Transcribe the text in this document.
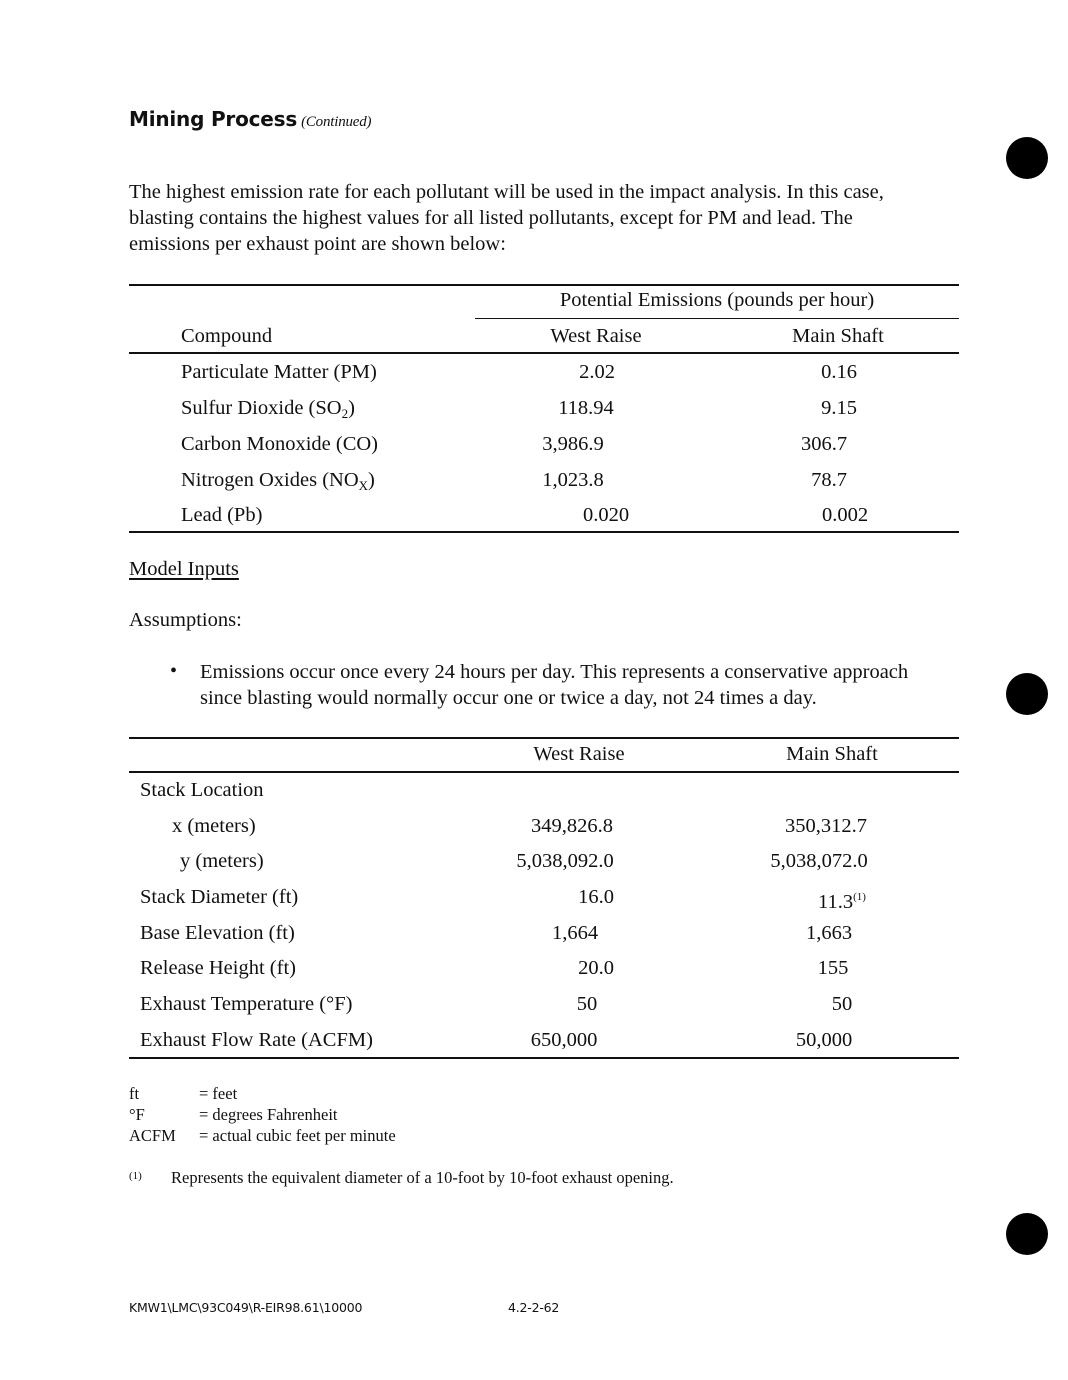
Mining Process (Continued)
The highest emission rate for each pollutant will be used in the impact analysis. In this case,
blasting contains the highest values for all listed pollutants, except for PM and lead. The
emissions per exhaust point are shown below:
Potential Emissions (pounds per hour)
Compound	West Raise	Main Shaft
Particulate Matter (PM)	2.02	0.16
Sulfur Dioxide $(SO_2)$	118.94	9.15
Carbon Monoxide (CO)	3,986.9	306.7
Nitrogen Oxides $(NO_X)$	1,023.8	78.7
Lead (Pb)	0.020	0.002
Model Inputs
Assumptions:
• Emissions occur once every 24 hours per day. This represents a conservative approach
since blasting would normally occur one or twice a day, not 24 times a day.
West Raise	Main Shaft
Stack Location
x (meters)	349,826.8	350,312.7
y (meters)	5,038,092.0	5,038,072.0
Stack Diameter (ft)	16.0	11.3$^{(1)}$
Base Elevation (ft)	1,664	1,663
Release Height (ft)	20.0	155
Exhaust Temperature (°F)	50	50
Exhaust Flow Rate (ACFM)	650,000	50,000
ft	= feet
°F	= degrees Fahrenheit
ACFM = actual cubic feet per minute
(1) Represents the equivalent diameter of a 10-foot by 10-foot exhaust opening.
KMW1\LMC\93C049\R-EIR98.61\10000	4.2-2-62
